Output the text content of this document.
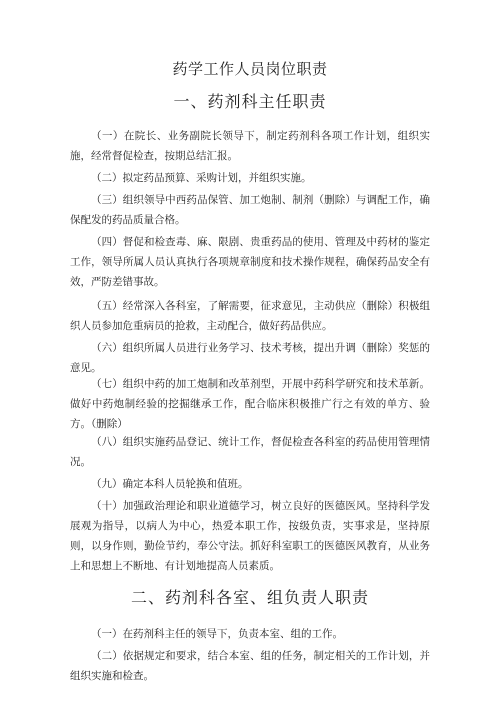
药学工作人员岗位职责
一、药剂科主任职责

（一）在院长、业务副院长领导下，制定药剂科各项工作计划，组织实施，经常督促检查，按期总结汇报。

（二）拟定药品预算、采购计划，并组织实施。

（三）组织领导中西药品保管、加工炮制、制剂（删除）与调配工作，确保配发的药品质量合格。

（四）督促和检查毒、麻、限剧、贵重药品的使用、管理及中药材的鉴定工作，领导所属人员认真执行各项规章制度和技术操作规程，确保药品安全有效，严防差错事故。

（五）经常深入各科室，了解需要，征求意见，主动供应（删除）积极组织人员参加危重病员的抢救，主动配合，做好药品供应。

（六）组织所属人员进行业务学习、技术考核，提出升调（删除）奖惩的意见。

（七）组织中药的加工炮制和改革剂型，开展中药科学研究和技术革新。做好中药炮制经验的挖掘继承工作，配合临床积极推广行之有效的单方、验方。（删除）

（八）组织实施药品登记、统计工作，督促检查各科室的药品使用管理情况。

（九）确定本科人员轮换和值班。

（十）加强政治理论和职业道德学习，树立良好的医德医风。坚持科学发展观为指导，以病人为中心，热爱本职工作，按级负责，实事求是，坚持原则，以身作则，勤俭节约，奉公守法。抓好科室职工的医德医风教育，从业务上和思想上不断地、有计划地提高人员素质。

二、药剂科各室、组负责人职责

（一）在药剂科主任的领导下，负责本室、组的工作。

（二）依据规定和要求，结合本室、组的任务，制定相关的工作计划，并组织实施和检查。
